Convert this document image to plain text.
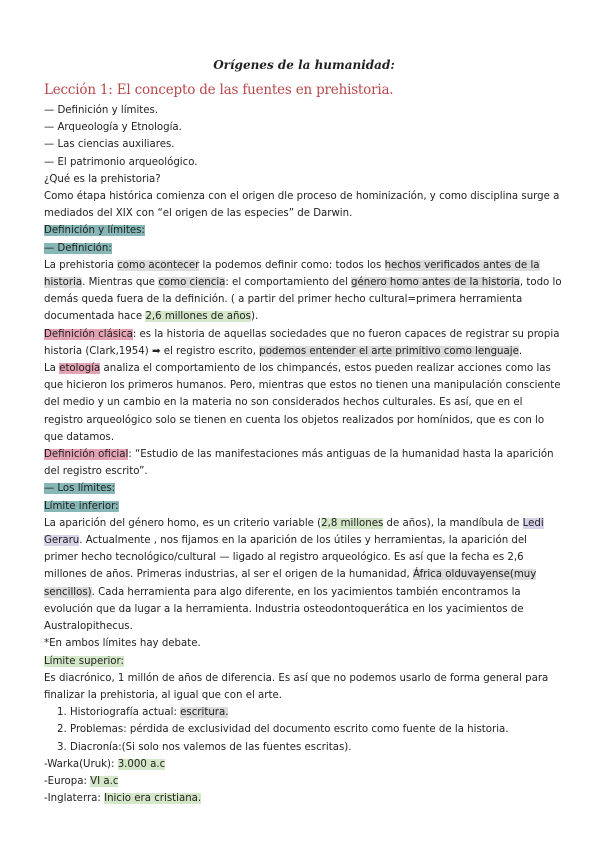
Orígenes de la humanidad:
Lección 1: El concepto de las fuentes en prehistoria.
— Definición y límites.
— Arqueología y Etnología.
— Las ciencias auxiliares.
— El patrimonio arqueológico.
¿Qué es la prehistoria?
Como étapa histórica comienza con el origen dle proceso de hominización, y como disciplina surge a mediados del XIX con “el origen de las especies” de Darwin.
Definición y límites:
— Definición:
La prehistoria como acontecer la podemos definir como: todos los hechos verificados antes de la historia. Mientras que como ciencia: el comportamiento del género homo antes de la historia, todo lo demás queda fuera de la definición. ( a partir del primer hecho cultural=primera herramienta documentada hace 2,6 millones de años).
Definición clásica: es la historia de aquellas sociedades que no fueron capaces de registrar su propia historia (Clark,1954) ➡ el registro escrito, podemos entender el arte primitivo como lenguaje.
La etología analiza el comportamiento de los chimpancés, estos pueden realizar acciones como las que hicieron los primeros humanos. Pero, mientras que estos no tienen una manipulación consciente del medio y un cambio en la materia no son considerados hechos culturales. Es así, que en el registro arqueológico solo se tienen en cuenta los objetos realizados por homínidos, que es con lo que datamos.
Definición oficial: “Estudio de las manifestaciones más antiguas de la humanidad hasta la aparición del registro escrito”.
— Los límites:
Límite inferior:
La aparición del género homo, es un criterio variable (2,8 millones de años), la mandíbula de Ledi Geraru. Actualmente , nos fijamos en la aparición de los útiles y herramientas, la aparición del primer hecho tecnológico/cultural — ligado al registro arqueológico. Es así que la fecha es 2,6 millones de años. Primeras industrias, al ser el origen de la humanidad, África olduvayense(muy sencillos). Cada herramienta para algo diferente, en los yacimientos también encontramos la evolución que da lugar a la herramienta. Industria osteodontoquerática en los yacimientos de Australopithecus.
*En ambos límites hay debate.
Límite superior:
Es diacrónico, 1 millón de años de diferencia. Es así que no podemos usarlo de forma general para finalizar la prehistoria, al igual que con el arte.
1. Historiografía actual: escritura.
2. Problemas: pérdida de exclusividad del documento escrito como fuente de la historia.
3. Diacronía:(Si solo nos valemos de las fuentes escritas).
-Warka(Uruk): 3.000 a.c
-Europa: VI a.c
-Inglaterra: Inicio era cristiana.
